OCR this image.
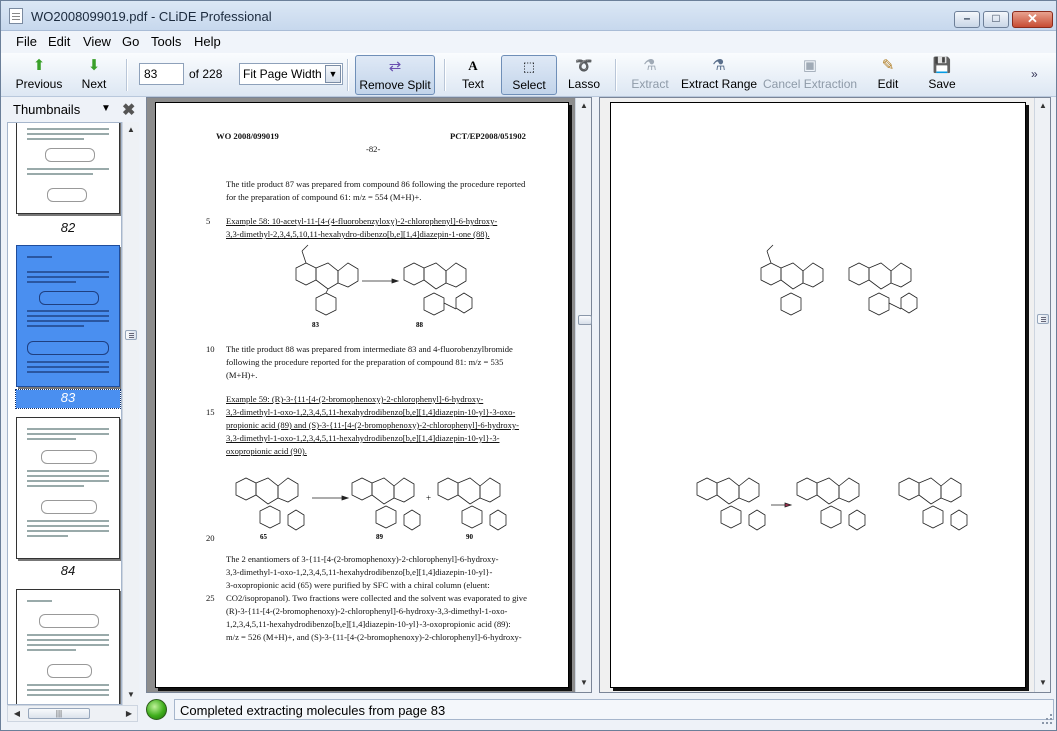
WO2008099019.pdf - CLiDE Professional	–	□	✕
File Edit View Go Tools Help
⬆
Previous
⬇
Next
⇄
Remove Split
A
Text
⬚
Select
➰
Lasso
⚗
Extract
⚗
Extract Range
▣
Cancel Extraction
✎
Edit
💾
Save
83
of 228 Fit Page Width ▼	»
Thumbnails ▼ ✖
82
83
84
▲
▼
◀	|||	▶
WO 2008/099019
-82-
PCT/EP2008/051902
The title product 87 was prepared from compound 86 following the procedure reported
for the preparation of compound 61: m/z = 554 (M+H)+.
5 Example 58: 10-acetyl-11-[4-(4-fluorobenzyloxy)-2-chlorophenyl]-6-hydroxy-
3,3-dimethyl-2,3,4,5,10,11-hexahydro-dibenzo[b,e][1,4]diazepin-1-one (88).
83	88
10 The title product 88 was prepared from intermediate 83 and 4-fluorobenzylbromide
following the procedure reported for the preparation of compound 81: m/z = 535
(M+H)+.
Example 59: (R)-3-{11-[4-(2-bromophenoxy)-2-chlorophenyl]-6-hydroxy-
15 3,3-dimethyl-1-oxo-1,2,3,4,5,11-hexahydrodibenzo[b,e][1,4]diazepin-10-yl}-3-oxo-
propionic acid (89) and (S)-3-{11-[4-(2-bromophenoxy)-2-chlorophenyl]-6-hydroxy-
3,3-dimethyl-1-oxo-1,2,3,4,5,11-hexahydrodibenzo[b,e][1,4]diazepin-10-yl}-3-
oxopropionic acid (90).
+
65	89	90
20
The 2 enantiomers of 3-{11-[4-(2-bromophenoxy)-2-chlorophenyl]-6-hydroxy-
3,3-dimethyl-1-oxo-1,2,3,4,5,11-hexahydrodibenzo[b,e][1,4]diazepin-10-yl}-
3-oxopropionic acid (65) were purified by SFC with a chiral column (eluent:
25 CO2/isopropanol). Two fractions were collected and the solvent was evaporated to give
(R)-3-{11-[4-(2-bromophenoxy)-2-chlorophenyl]-6-hydroxy-3,3-dimethyl-1-oxo-
1,2,3,4,5,11-hexahydrodibenzo[b,e][1,4]diazepin-10-yl}-3-oxopropionic acid (89):
m/z = 526 (M+H)+, and (S)-3-{11-[4-(2-bromophenoxy)-2-chlorophenyl]-6-hydroxy-
▲
▼
▲
▼
Completed extracting molecules from page 83
